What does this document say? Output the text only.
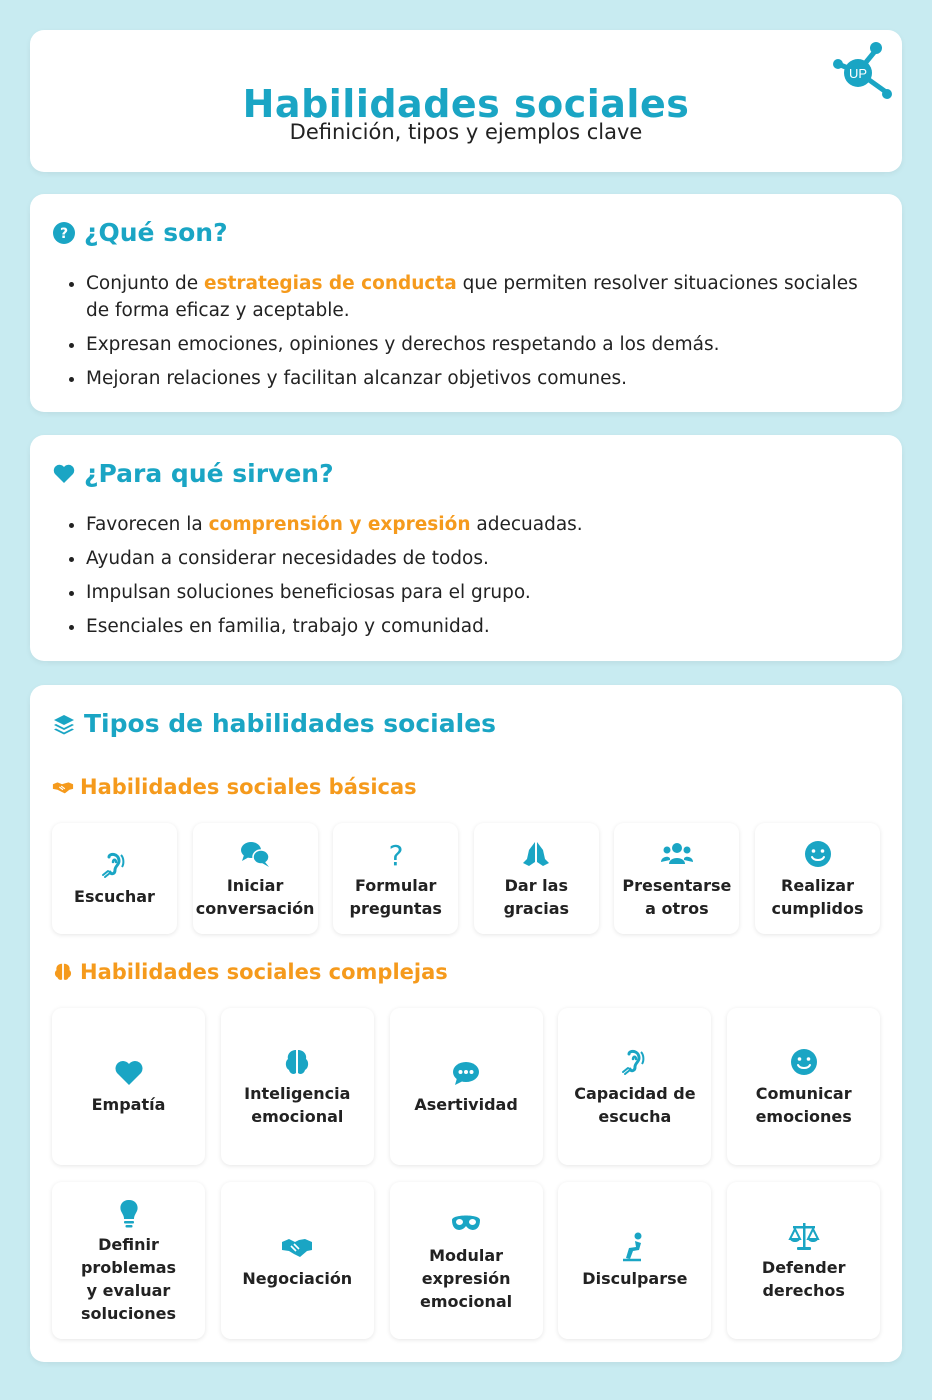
Habilidades sociales
Definición, tipos y ejemplos clave
UP
? ¿Qué son?
• Conjunto de estrategias de conducta que permiten resolver situaciones sociales de forma eficaz y aceptable.
• Expresan emociones, opiniones y derechos respetando a los demás.
• Mejoran relaciones y facilitan alcanzar objetivos comunes.
¿Para qué sirven?
• Favorecen la comprensión y expresión adecuadas.
• Ayudan a considerar necesidades de todos.
• Impulsan soluciones beneficiosas para el grupo.
• Esenciales en familia, trabajo y comunidad.
Tipos de habilidades sociales
Habilidades sociales básicas
Escuchar
Iniciar
conversación
?
Formular
preguntas
Dar las
gracias
Presentarse
a otros
Realizar
cumplidos
Habilidades sociales complejas
Empatía
Inteligencia
emocional
Asertividad
Capacidad de
escucha
Comunicar
emociones
Definir
problemas
y evaluar
soluciones
Negociación
Modular
expresión
emocional
Disculparse
Defender
derechos
